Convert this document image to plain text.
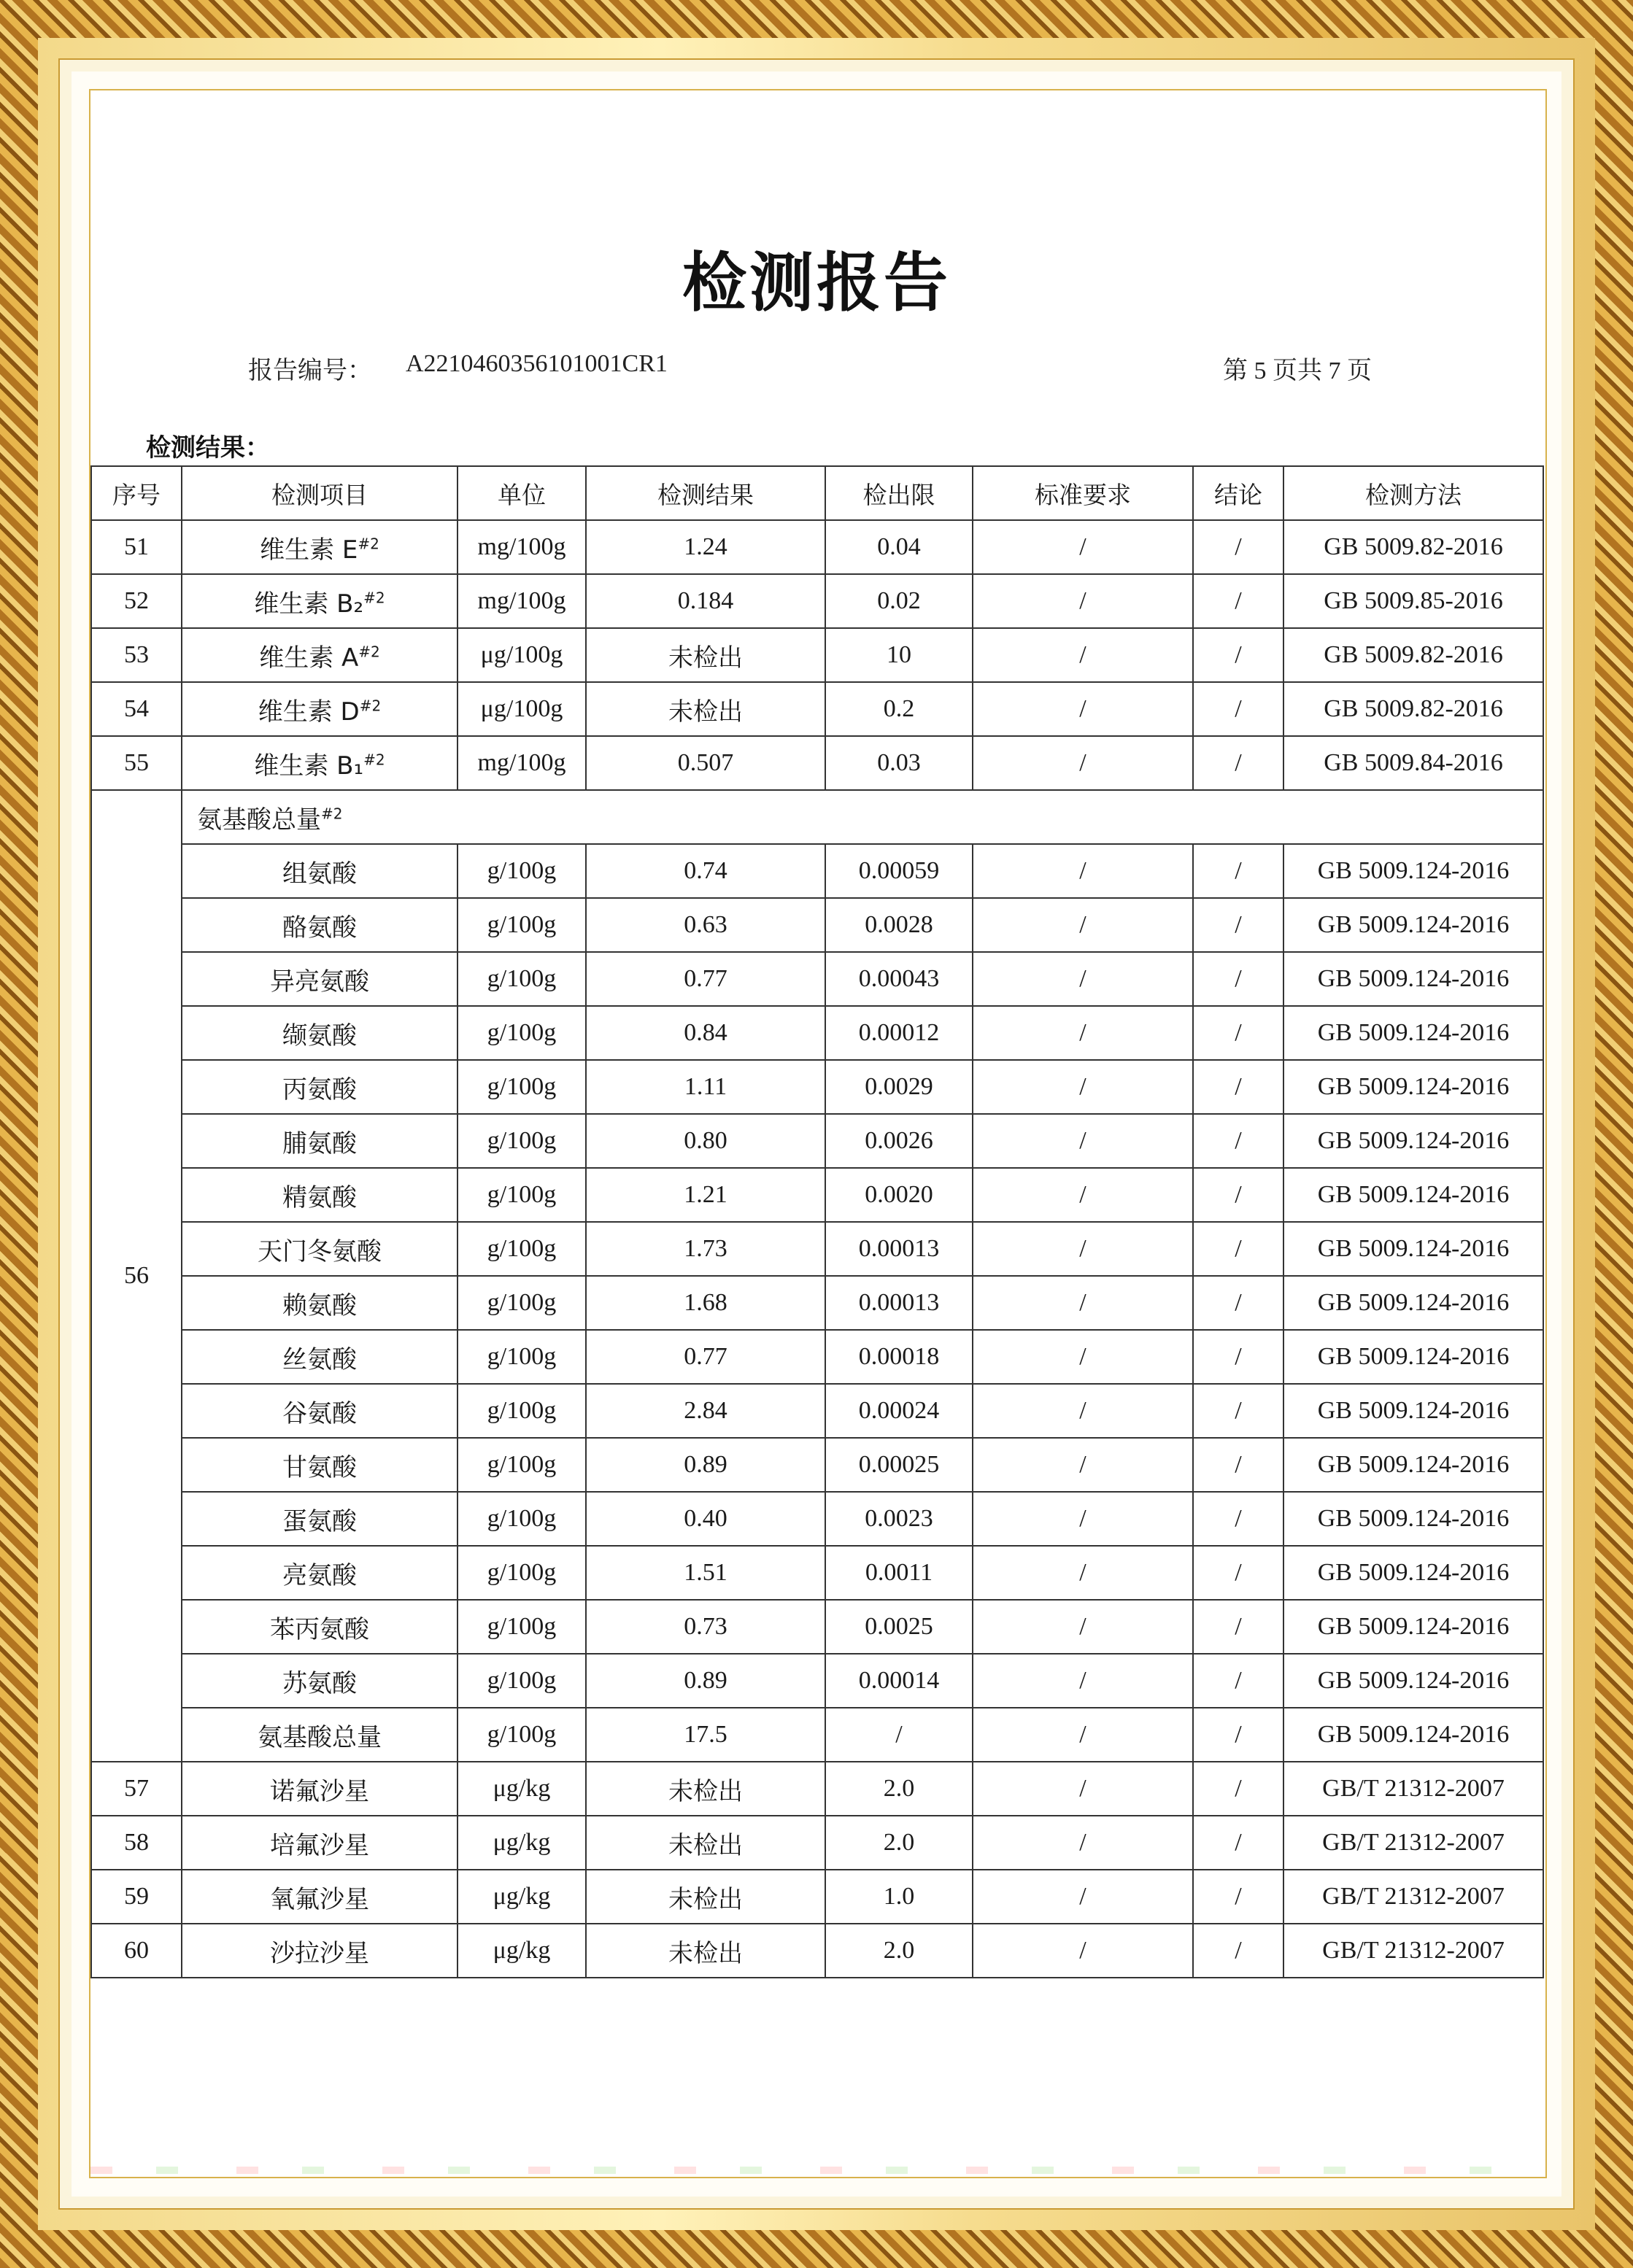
检测报告
报告编号： A2210460356101001CR1	第 5 页共 7 页
检测结果：
序号	检测项目	单位	检测结果	检出限	标准要求	结论	检测方法
51	维生素 $E^{\#2}$	mg/100g	1.24	0.04	/	/	GB 5009.82-2016
52	维生素 B₂$^{\#2}$	mg/100g	0.184	0.02	/	/	GB 5009.85-2016
53	维生素 $A^{\#2}$	μg/100g	未检出	10	/	/	GB 5009.82-2016
54	维生素 $D^{\#2}$	μg/100g	未检出	0.2	/	/	GB 5009.82-2016
55	维生素 B₁$^{\#2}$	mg/100g	0.507	0.03	/	/	GB 5009.84-2016
56	氨基酸总量$^{\#2}$
	组氨酸	g/100g	0.74	0.00059	/	/	GB 5009.124-2016
	酪氨酸	g/100g	0.63	0.0028	/	/	GB 5009.124-2016
	异亮氨酸	g/100g	0.77	0.00043	/	/	GB 5009.124-2016
	缬氨酸	g/100g	0.84	0.00012	/	/	GB 5009.124-2016
	丙氨酸	g/100g	1.11	0.0029	/	/	GB 5009.124-2016
	脯氨酸	g/100g	0.80	0.0026	/	/	GB 5009.124-2016
	精氨酸	g/100g	1.21	0.0020	/	/	GB 5009.124-2016
	天门冬氨酸	g/100g	1.73	0.00013	/	/	GB 5009.124-2016
	赖氨酸	g/100g	1.68	0.00013	/	/	GB 5009.124-2016
	丝氨酸	g/100g	0.77	0.00018	/	/	GB 5009.124-2016
	谷氨酸	g/100g	2.84	0.00024	/	/	GB 5009.124-2016
	甘氨酸	g/100g	0.89	0.00025	/	/	GB 5009.124-2016
	蛋氨酸	g/100g	0.40	0.0023	/	/	GB 5009.124-2016
	亮氨酸	g/100g	1.51	0.0011	/	/	GB 5009.124-2016
	苯丙氨酸	g/100g	0.73	0.0025	/	/	GB 5009.124-2016
	苏氨酸	g/100g	0.89	0.00014	/	/	GB 5009.124-2016
	氨基酸总量	g/100g	17.5	/	/	/	GB 5009.124-2016
57	诺氟沙星	μg/kg	未检出	2.0	/	/	GB/T 21312-2007
58	培氟沙星	μg/kg	未检出	2.0	/	/	GB/T 21312-2007
59	氧氟沙星	μg/kg	未检出	1.0	/	/	GB/T 21312-2007
60	沙拉沙星	μg/kg	未检出	2.0	/	/	GB/T 21312-2007
